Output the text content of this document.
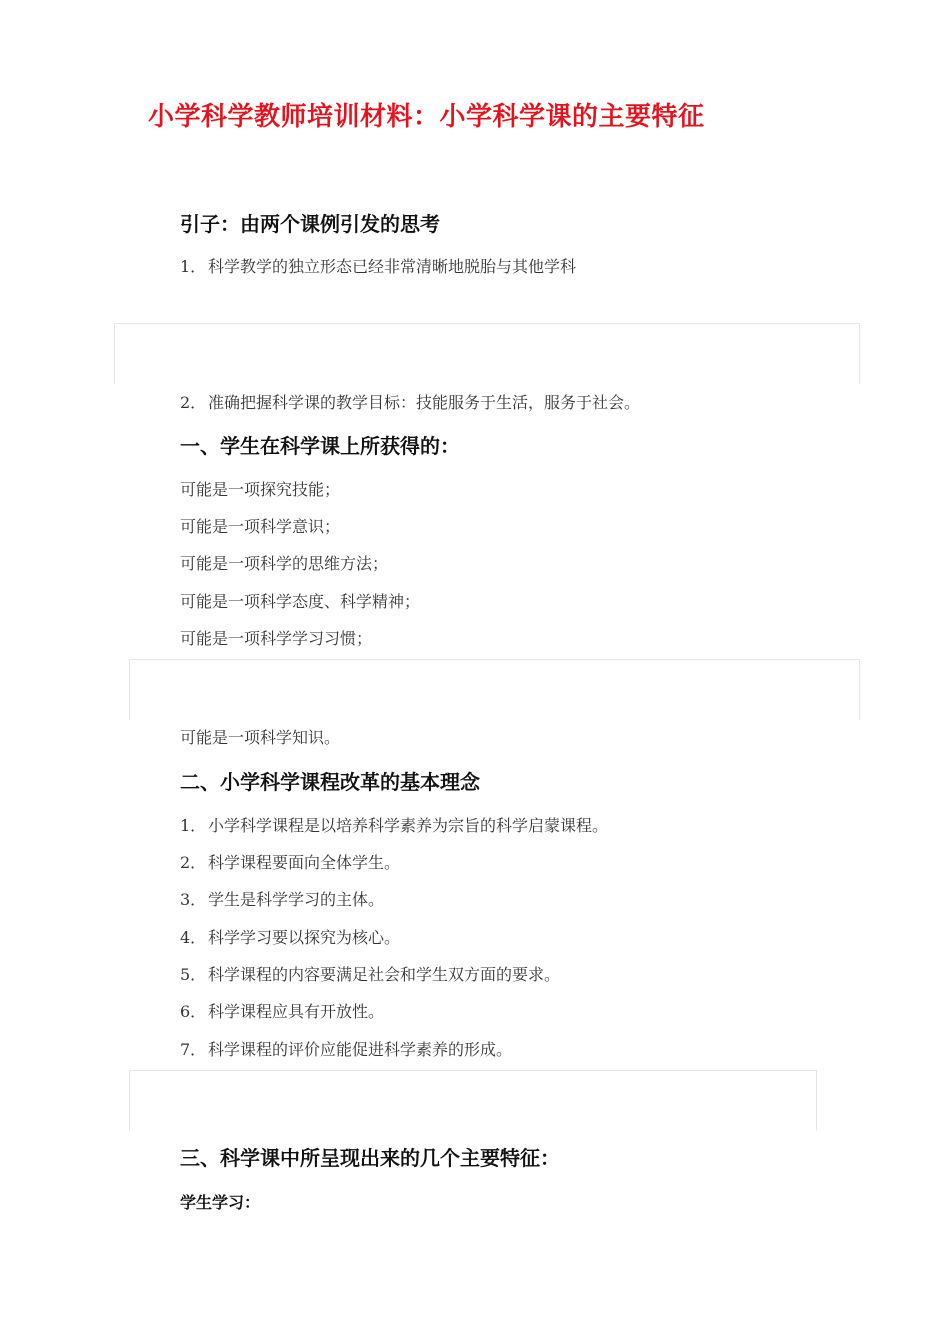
小学科学教师培训材料：小学科学课的主要特征
引子：由两个课例引发的思考
1． 科学教学的独立形态已经非常清晰地脱胎与其他学科
2． 准确把握科学课的教学目标：技能服务于生活，服务于社会。
一、学生在科学课上所获得的：
可能是一项探究技能；
可能是一项科学意识；
可能是一项科学的思维方法；
可能是一项科学态度、科学精神；
可能是一项科学学习习惯；
可能是一项科学知识。
二、小学科学课程改革的基本理念
1． 小学科学课程是以培养科学素养为宗旨的科学启蒙课程。
2． 科学课程要面向全体学生。
3． 学生是科学学习的主体。
4． 科学学习要以探究为核心。
5． 科学课程的内容要满足社会和学生双方面的要求。
6． 科学课程应具有开放性。
7． 科学课程的评价应能促进科学素养的形成。
三、科学课中所呈现出来的几个主要特征：
学生学习：
